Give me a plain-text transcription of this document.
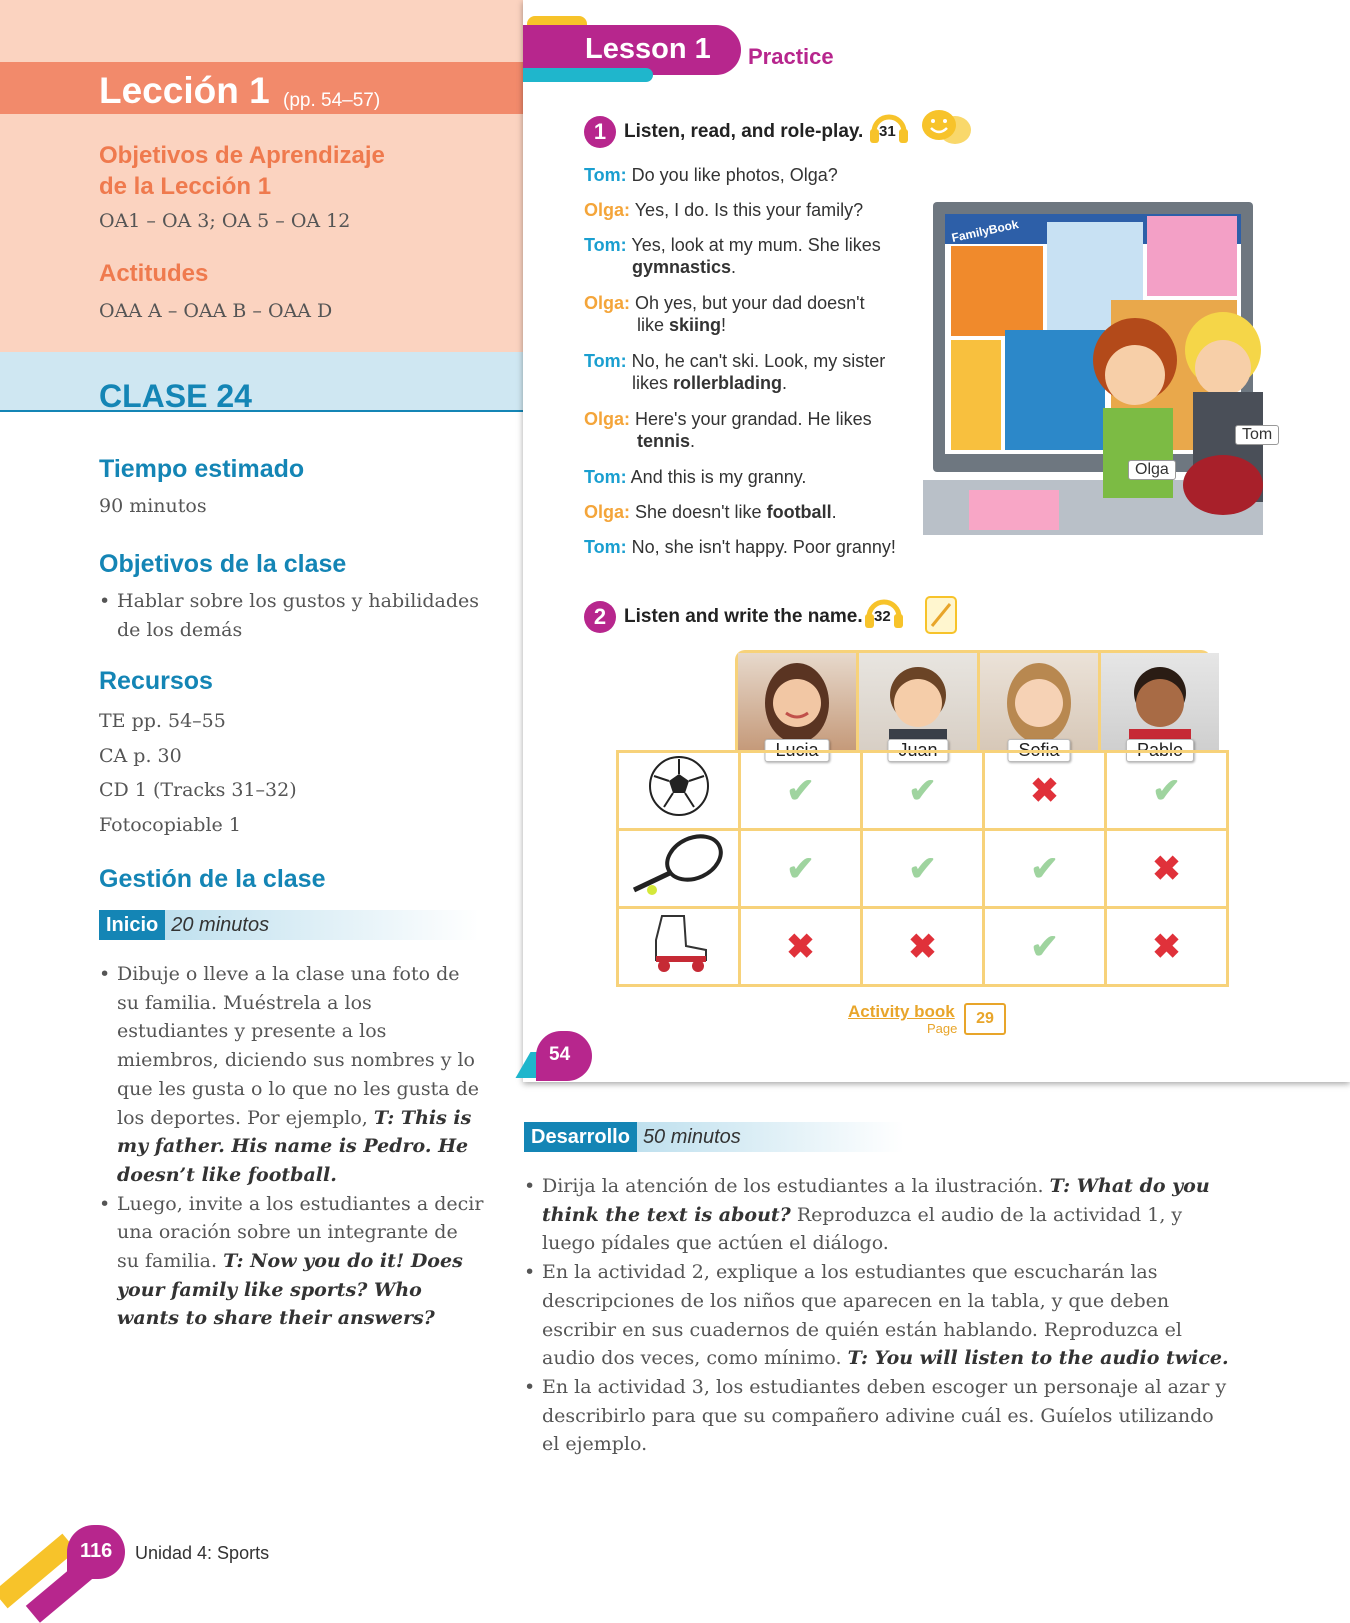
Lección 1 (pp. 54–57)
Objetivos de Aprendizaje
de la Lección 1
OA1 – OA 3; OA 5 – OA 12
Actitudes
OAA A – OAA B – OAA D
CLASE 24
Tiempo estimado
90 minutos
Objetivos de la clase
• Hablar sobre los gustos y habilidades de los demás
Recursos
TE pp. 54–55
CA p. 30
CD 1 (Tracks 31–32)
Fotocopiable 1
Gestión de la clase
Inicio 20 minutos
• Dibuje o lleve a la clase una foto de su familia. Muéstrela a los estudiantes y presente a los miembros, diciendo sus nombres y lo que les gusta o lo que no les gusta de los deportes. Por ejemplo, T: This is my father. His name is Pedro. He doesn’t like football.
• Luego, invite a los estudiantes a decir una oración sobre un integrante de su familia. T: Now you do it! Does your family like sports? Who wants to share their answers?
Lesson 1 Practice
1 Listen, read, and role-play. 31
Tom: Do you like photos, Olga?
Olga: Yes, I do. Is this your family?
Tom: Yes, look at my mum. She likes
gymnastics.
Olga: Oh yes, but your dad doesn't
like skiing!
Tom: No, he can't ski. Look, my sister
likes rollerblading.
Olga: Here's your grandad. He likes
tennis.
Tom: And this is my granny.
Olga: She doesn't like football.
Tom: No, she isn't happy. Poor granny!
FamilyBook
Olga
Tom
2 Listen and write the name. 32
Lucia	Juan	Sofia	Pablo
	✔	✔	✖	✔
	✔	✔	✔	✖
	✖	✖	✔	✖
Activity book
Page
29
54
Desarrollo 50 minutos
• Dirija la atención de los estudiantes a la ilustración. T: What do you think the text is about? Reproduzca el audio de la actividad 1, y luego pídales que actúen el diálogo.
• En la actividad 2, explique a los estudiantes que escucharán las descripciones de los niños que aparecen en la tabla, y que deben escribir en sus cuadernos de quién están hablando. Reproduzca el audio dos veces, como mínimo. T: You will listen to the audio twice.
• En la actividad 3, los estudiantes deben escoger un personaje al azar y describirlo para que su compañero adivine cuál es. Guíelos utilizando el ejemplo.
116 Unidad 4: Sports
